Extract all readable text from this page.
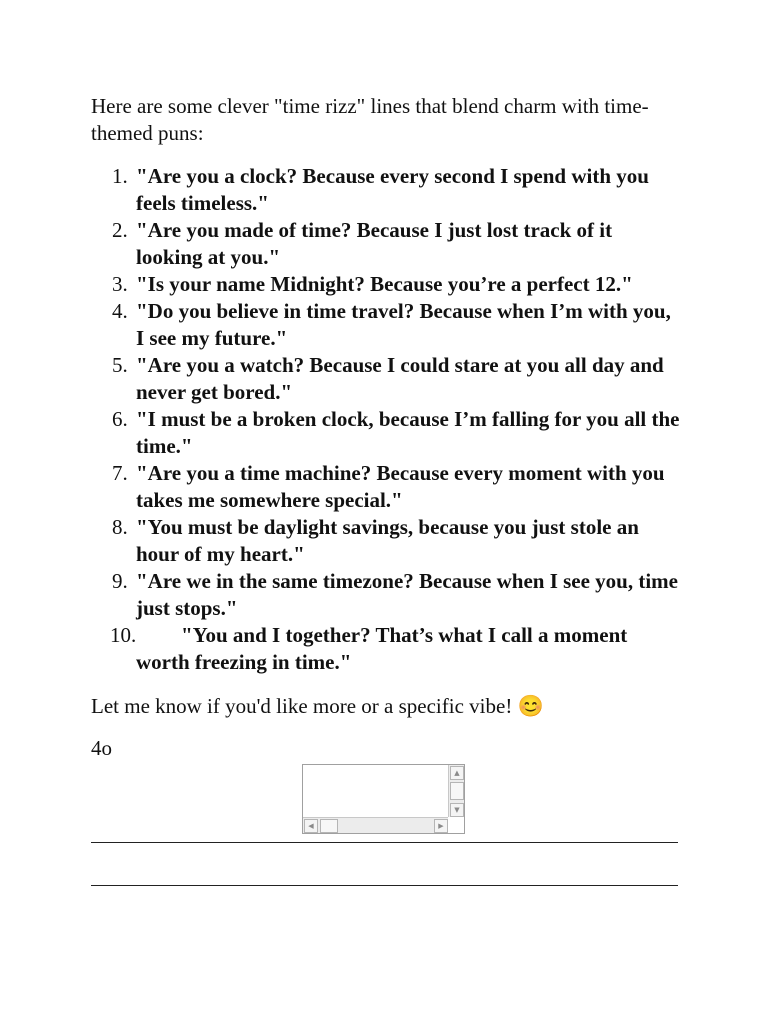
Here are some clever "time rizz" lines that blend charm with time-themed puns:

1. "Are you a clock? Because every second I spend with you feels timeless."
2. "Are you made of time? Because I just lost track of it looking at you."
3. "Is your name Midnight? Because you’re a perfect 12."
4. "Do you believe in time travel? Because when I’m with you, I see my future."
5. "Are you a watch? Because I could stare at you all day and never get bored."
6. "I must be a broken clock, because I’m falling for you all the time."
7. "Are you a time machine? Because every moment with you takes me somewhere special."
8. "You must be daylight savings, because you just stole an hour of my heart."
9. "Are we in the same timezone? Because when I see you, time just stops."
10. "You and I together? That’s what I call a moment worth freezing in time."

Let me know if you'd like more or a specific vibe! 😊

4o

▲
▼
◀	▶
